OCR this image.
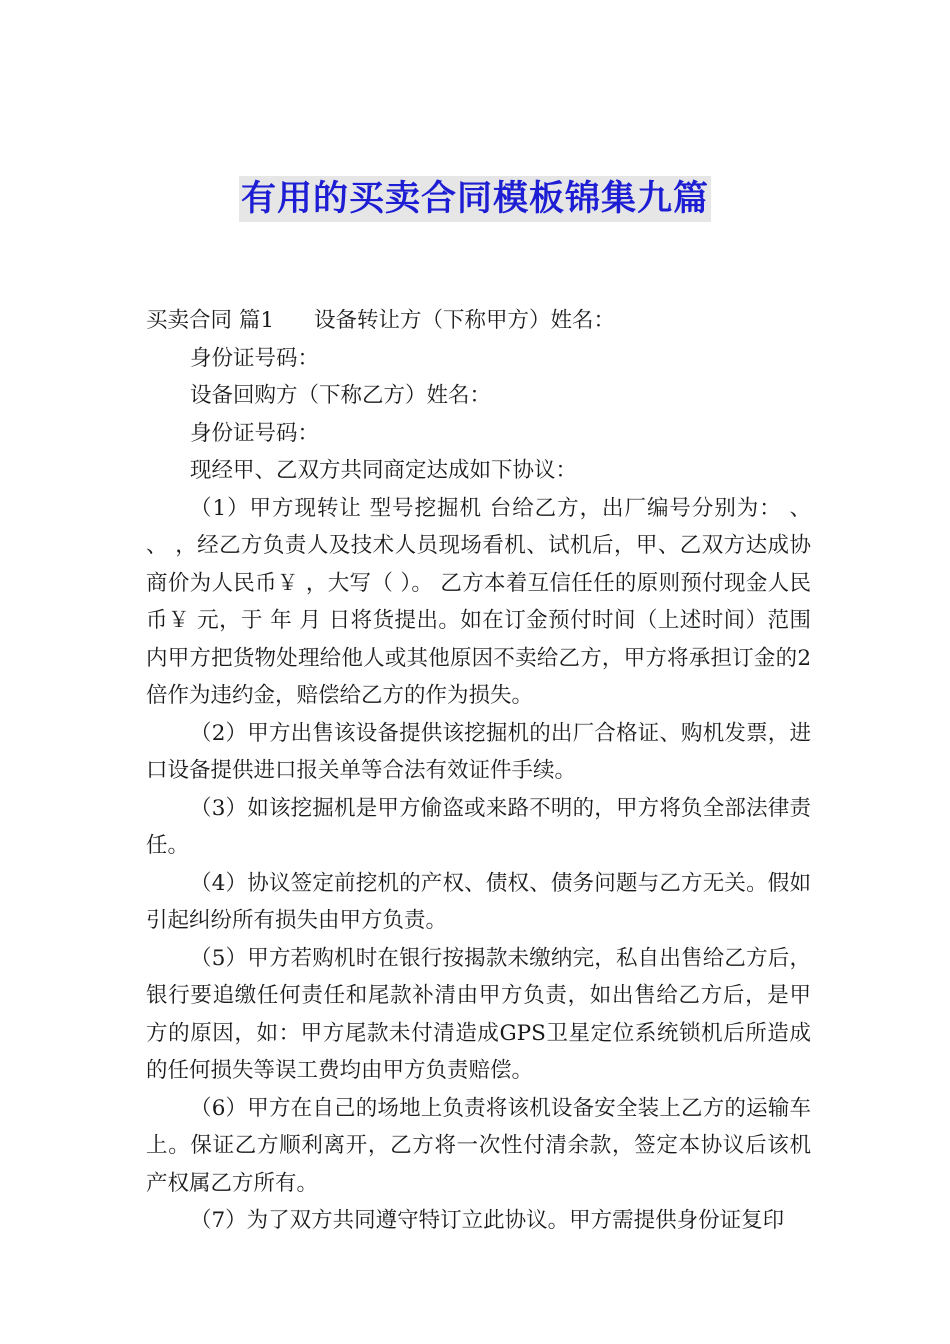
有用的买卖合同模板锦集九篇

买卖合同 篇1 设备转让方（下称甲方）姓名：

身份证号码：

设备回购方（下称乙方）姓名：

身份证号码：

现经甲、乙双方共同商定达成如下协议：

（1）甲方现转让 型号挖掘机 台给乙方，出厂编号分别为： 、 、 ，经乙方负责人及技术人员现场看机、试机后，甲、乙双方达成协商价为人民币￥ ，大写（ ）。 乙方本着互信任任的原则预付现金人民币￥ 元，于 年 月 日将货提出。如在订金预付时间（上述时间）范围内甲方把货物处理给他人或其他原因不卖给乙方，甲方将承担订金的2倍作为违约金，赔偿给乙方的作为损失。

（2）甲方出售该设备提供该挖掘机的出厂合格证、购机发票，进口设备提供进口报关单等合法有效证件手续。

（3）如该挖掘机是甲方偷盗或来路不明的，甲方将负全部法律责任。

（4）协议签定前挖机的产权、债权、债务问题与乙方无关。假如引起纠纷所有损失由甲方负责。

（5）甲方若购机时在银行按揭款未缴纳完，私自出售给乙方后，银行要追缴任何责任和尾款补清由甲方负责，如出售给乙方后，是甲方的原因，如：甲方尾款未付清造成GPS卫星定位系统锁机后所造成的任何损失等误工费均由甲方负责赔偿。

（6）甲方在自己的场地上负责将该机设备安全装上乙方的运输车上。保证乙方顺利离开，乙方将一次性付清余款，签定本协议后该机产权属乙方所有。

（7）为了双方共同遵守特订立此协议。甲方需提供身份证复印
